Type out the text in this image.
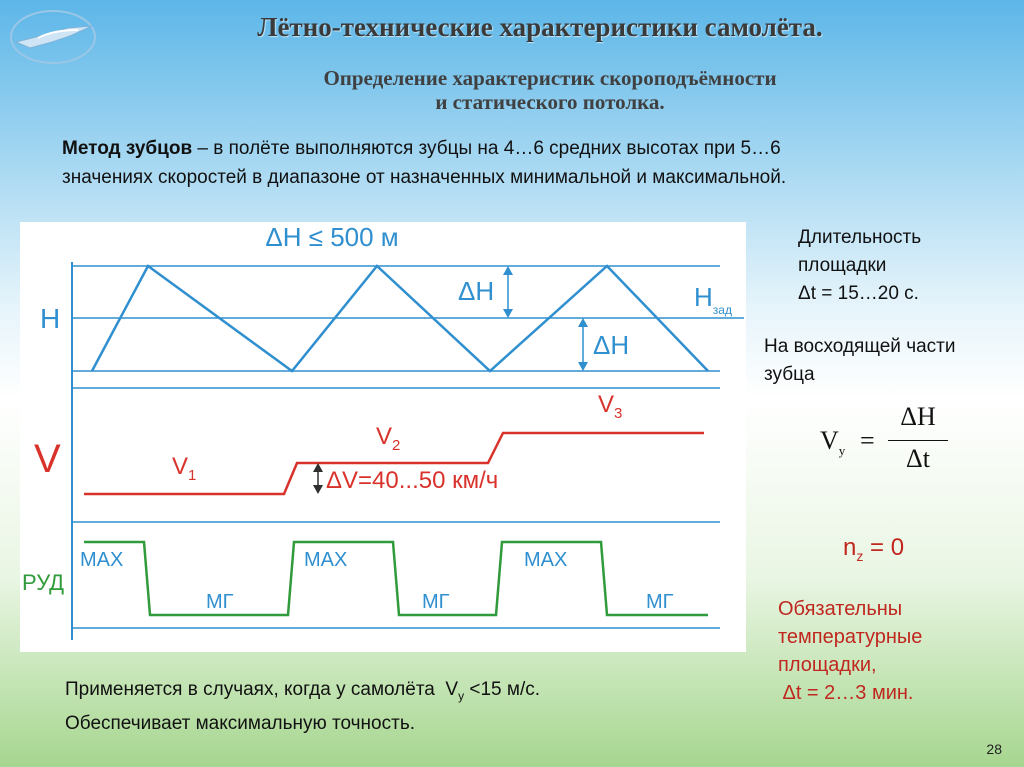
Лётно-технические характеристики самолёта.
Определение характеристик скороподъёмности
и статического потолка.
Метод зубцов – в полёте выполняются зубцы на 4…6 средних высотах при 5…6
значениях скоростей в диапазоне от назначенных минимальной и максимальной.
ΔH ≤ 500 м
H
ΔH
ΔH
$H_{зад}$
V	$V_1$
$V_2$
$V_3$
ΔV=40...50 км/ч
РУД
MAX	MAX	MAX
МГ	МГ	МГ
Длительность
площадки
Δt = 15…20 с.
На восходящей части
зубца
$V_y$ =
ΔH
Δt
$n_z = 0$
Обязательны
температурные
площадки,
Δt = 2…3 мин.
Применяется в случаях, когда у самолёта  $V_y <15$ м/с.
Обеспечивает максимальную точность.
28
